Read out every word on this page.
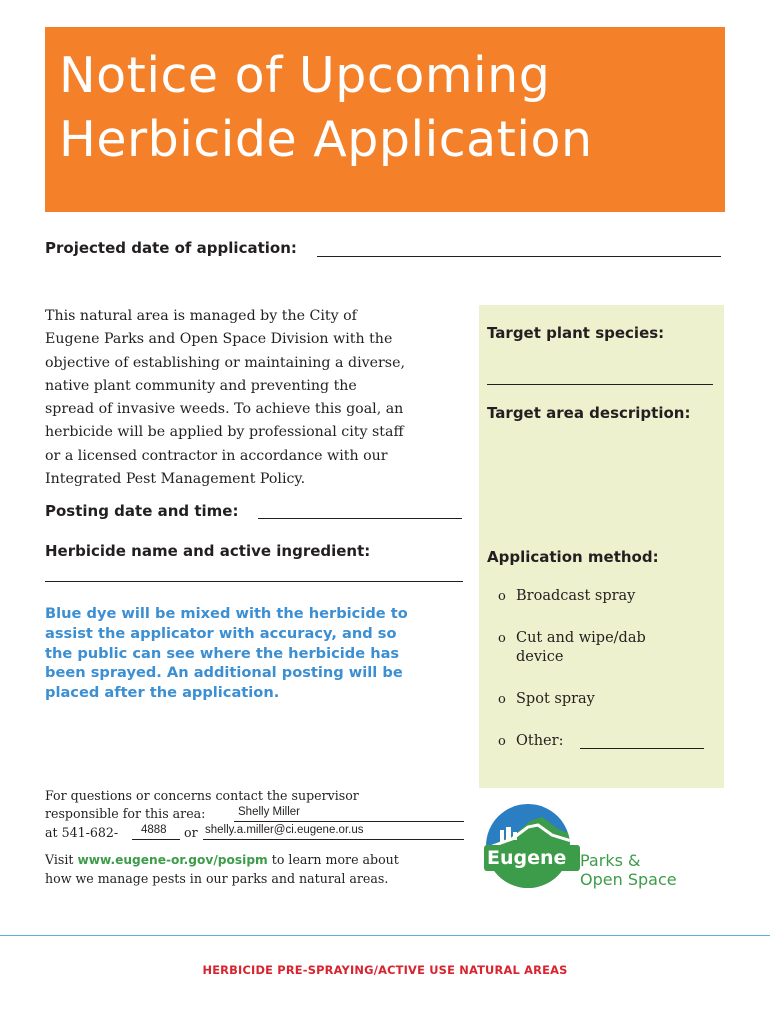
Notice of Upcoming
Herbicide Application
Projected date of application:
This natural area is managed by the City of
Eugene Parks and Open Space Division with the
objective of establishing or maintaining a diverse,
native plant community and preventing the
spread of invasive weeds. To achieve this goal, an
herbicide will be applied by professional city staff
or a licensed contractor in accordance with our
Integrated Pest Management Policy.
Target plant species:
Target area description:
Application method:
o Broadcast spray
o Cut and wipe/dab
device
o Spot spray
o Other:
Posting date and time:
Herbicide name and active ingredient:
Blue dye will be mixed with the herbicide to
assist the applicator with accuracy, and so
the public can see where the herbicide has
been sprayed. An additional posting will be
placed after the application.
For questions or concerns contact the supervisor
responsible for this area:	Shelly Miller
at 541-682- 4888 or shelly.a.miller@ci.eugene.or.us
Visit www.eugene-or.gov/posipm to learn more about
how we manage pests in our parks and natural areas.
Eugene Parks &
Open Space
HERBICIDE PRE-SPRAYING/ACTIVE USE NATURAL AREAS
